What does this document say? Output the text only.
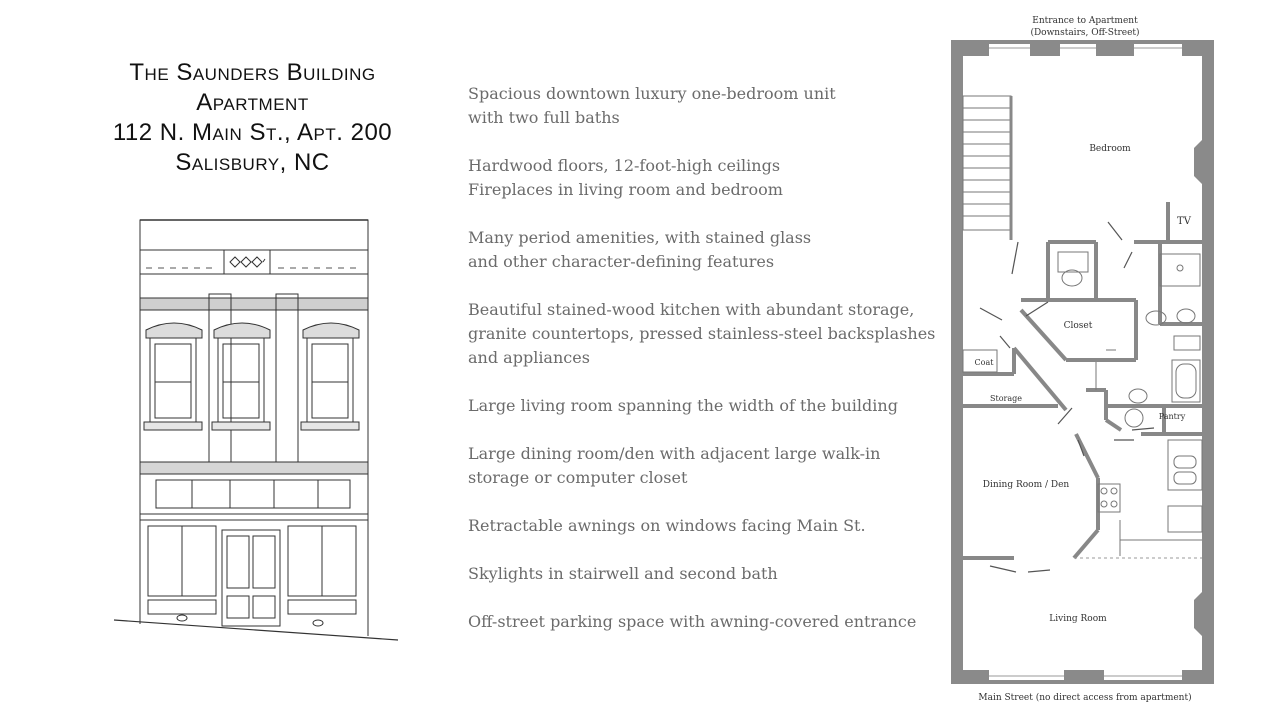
The Saunders Building
Apartment
112 N. Main St., Apt. 200
Salisbury, NC
Spacious downtown luxury one-bedroom unit
with two full baths
Hardwood floors, 12-foot-high ceilings
Fireplaces in living room and bedroom
Many period amenities, with stained glass
and other character-defining features
Beautiful stained-wood kitchen with abundant storage,
granite countertops, pressed stainless-steel backsplashes
and appliances
Large living room spanning the width of the building
Large dining room/den with adjacent large walk-in
storage or computer closet
Retractable awnings on windows facing Main St.
Skylights in stairwell and second bath
Off-street parking space with awning-covered entrance
Entrance to Apartment
(Downstairs, Off-Street)
Bedroom
TV
Closet
Coat
Storage
Pantry
Dining Room / Den
Living Room
Main Street (no direct access from apartment)
